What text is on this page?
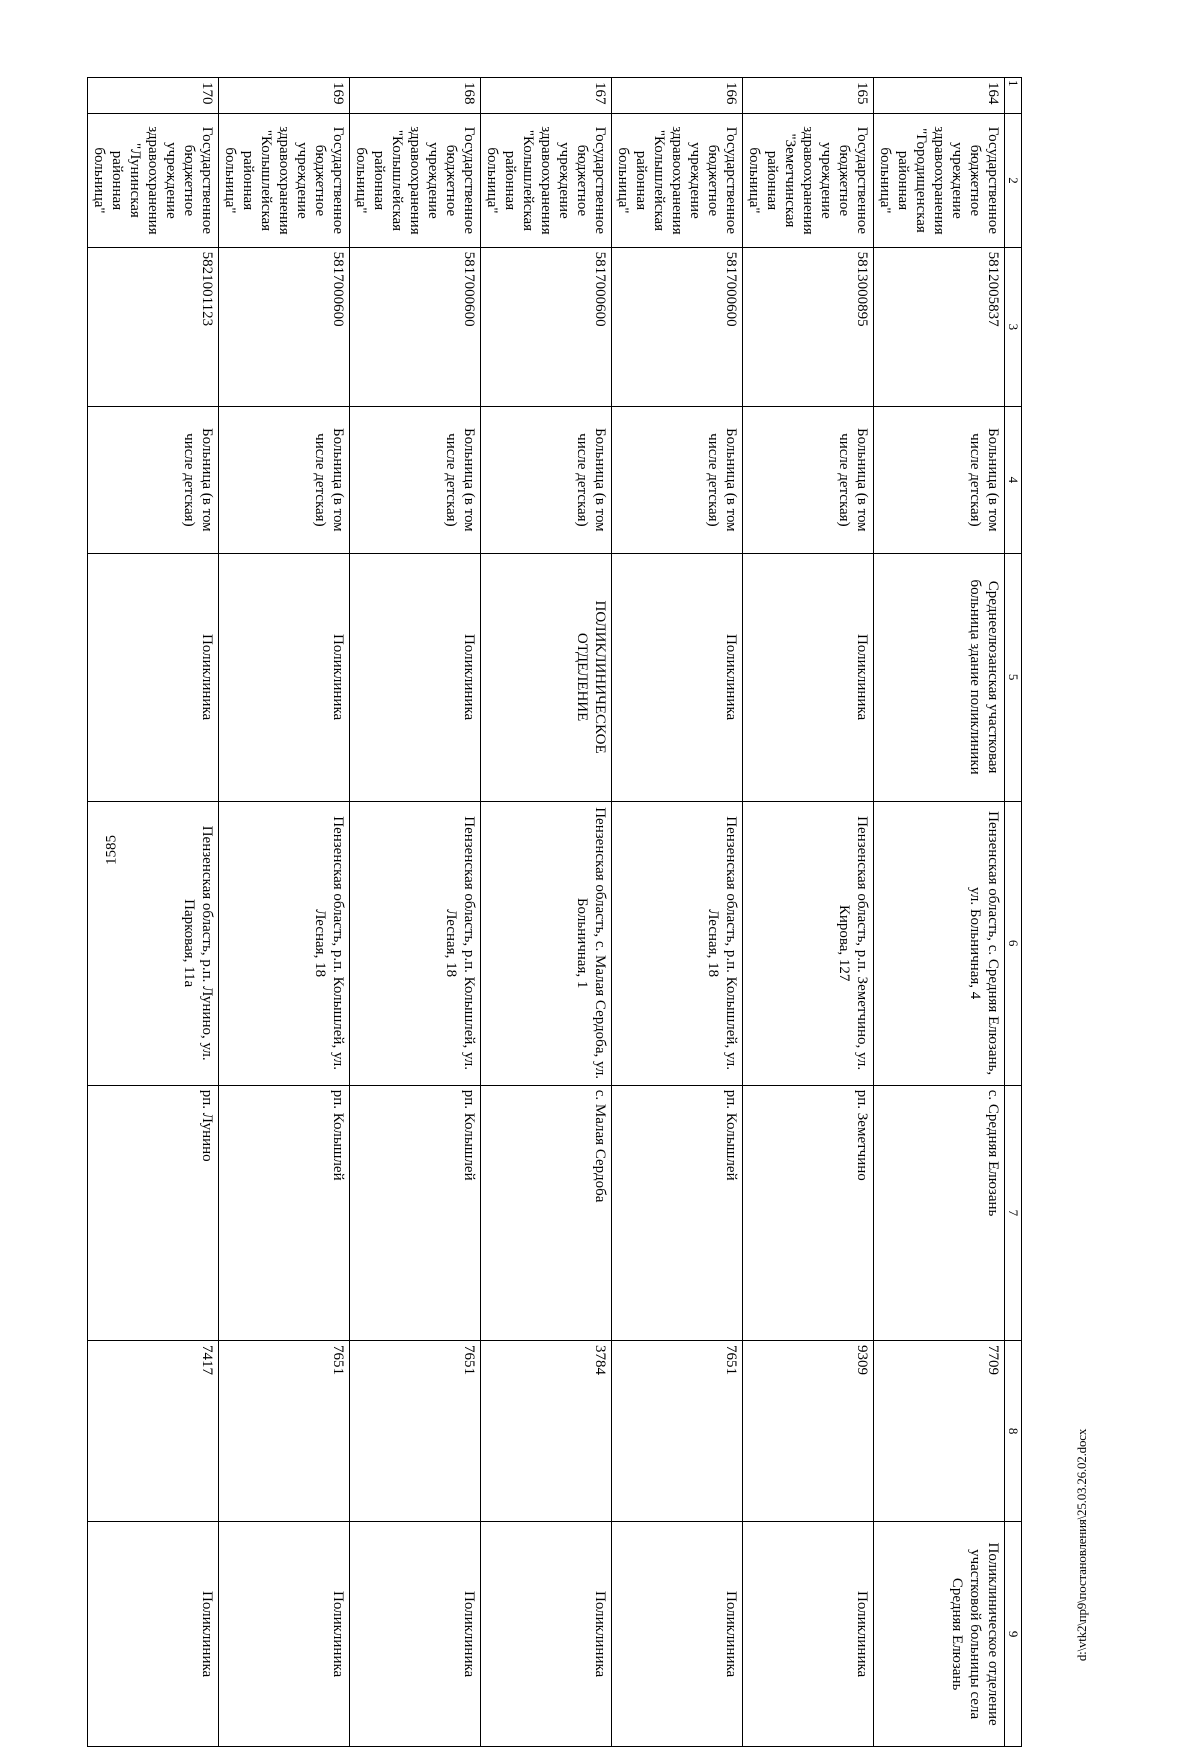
1585
d:\vtk2\пр9\постановления\25.03.26.02.docx
1	2	3	4	5	6	7	8	9
164	Государственное бюджетное учреждение здравоохранения "Городищенская районная больница"	5812005837	Больница (в том числе детская)	Среднеелюзанская участковая больница здание поликлиники	Пензенская область, с. Средняя Елюзань, ул. Больничная, 4	с. Средняя Елюзань	7709	Поликлиническое отделение участковой больницы села Средняя Елюзань
165	Государственное бюджетное учреждение здравоохранения "Земетчинская районная больница"	5813000895	Больница (в том числе детская)	Поликлиника	Пензенская область, р.п. Земетчино, ул. Кирова, 127	рп. Земетчино	9309	Поликлиника
166	Государственное бюджетное учреждение здравоохранения "Колышлейская районная больница"	5817000600	Больница (в том числе детская)	Поликлиника	Пензенская область, р.п. Колышлей, ул. Лесная, 18	рп. Колышлей	7651	Поликлиника
167	Государственное бюджетное учреждение здравоохранения "Колышлейская районная больница"	5817000600	Больница (в том числе детская)	ПОЛИКЛИНИЧЕСКОЕ ОТДЕЛЕНИЕ	Пензенская область, с. Малая Сердоба, ул. Больничная, 1	с. Малая Сердоба	3784	Поликлиника
168	Государственное бюджетное учреждение здравоохранения "Колышлейская районная больница"	5817000600	Больница (в том числе детская)	Поликлиника	Пензенская область, р.п. Колышлей, ул. Лесная, 18	рп. Колышлей	7651	Поликлиника
169	Государственное бюджетное учреждение здравоохранения "Колышлейская районная больница"	5817000600	Больница (в том числе детская)	Поликлиника	Пензенская область, р.п. Колышлей, ул. Лесная, 18	рп. Колышлей	7651	Поликлиника
170	Государственное бюджетное учреждение здравоохранения "Лунинская районная больница"	5821001123	Больница (в том числе детская)	Поликлиника	Пензенская область, р.п. Лунино, ул. Парковая, 11а	рп. Лунино	7417	Поликлиника
